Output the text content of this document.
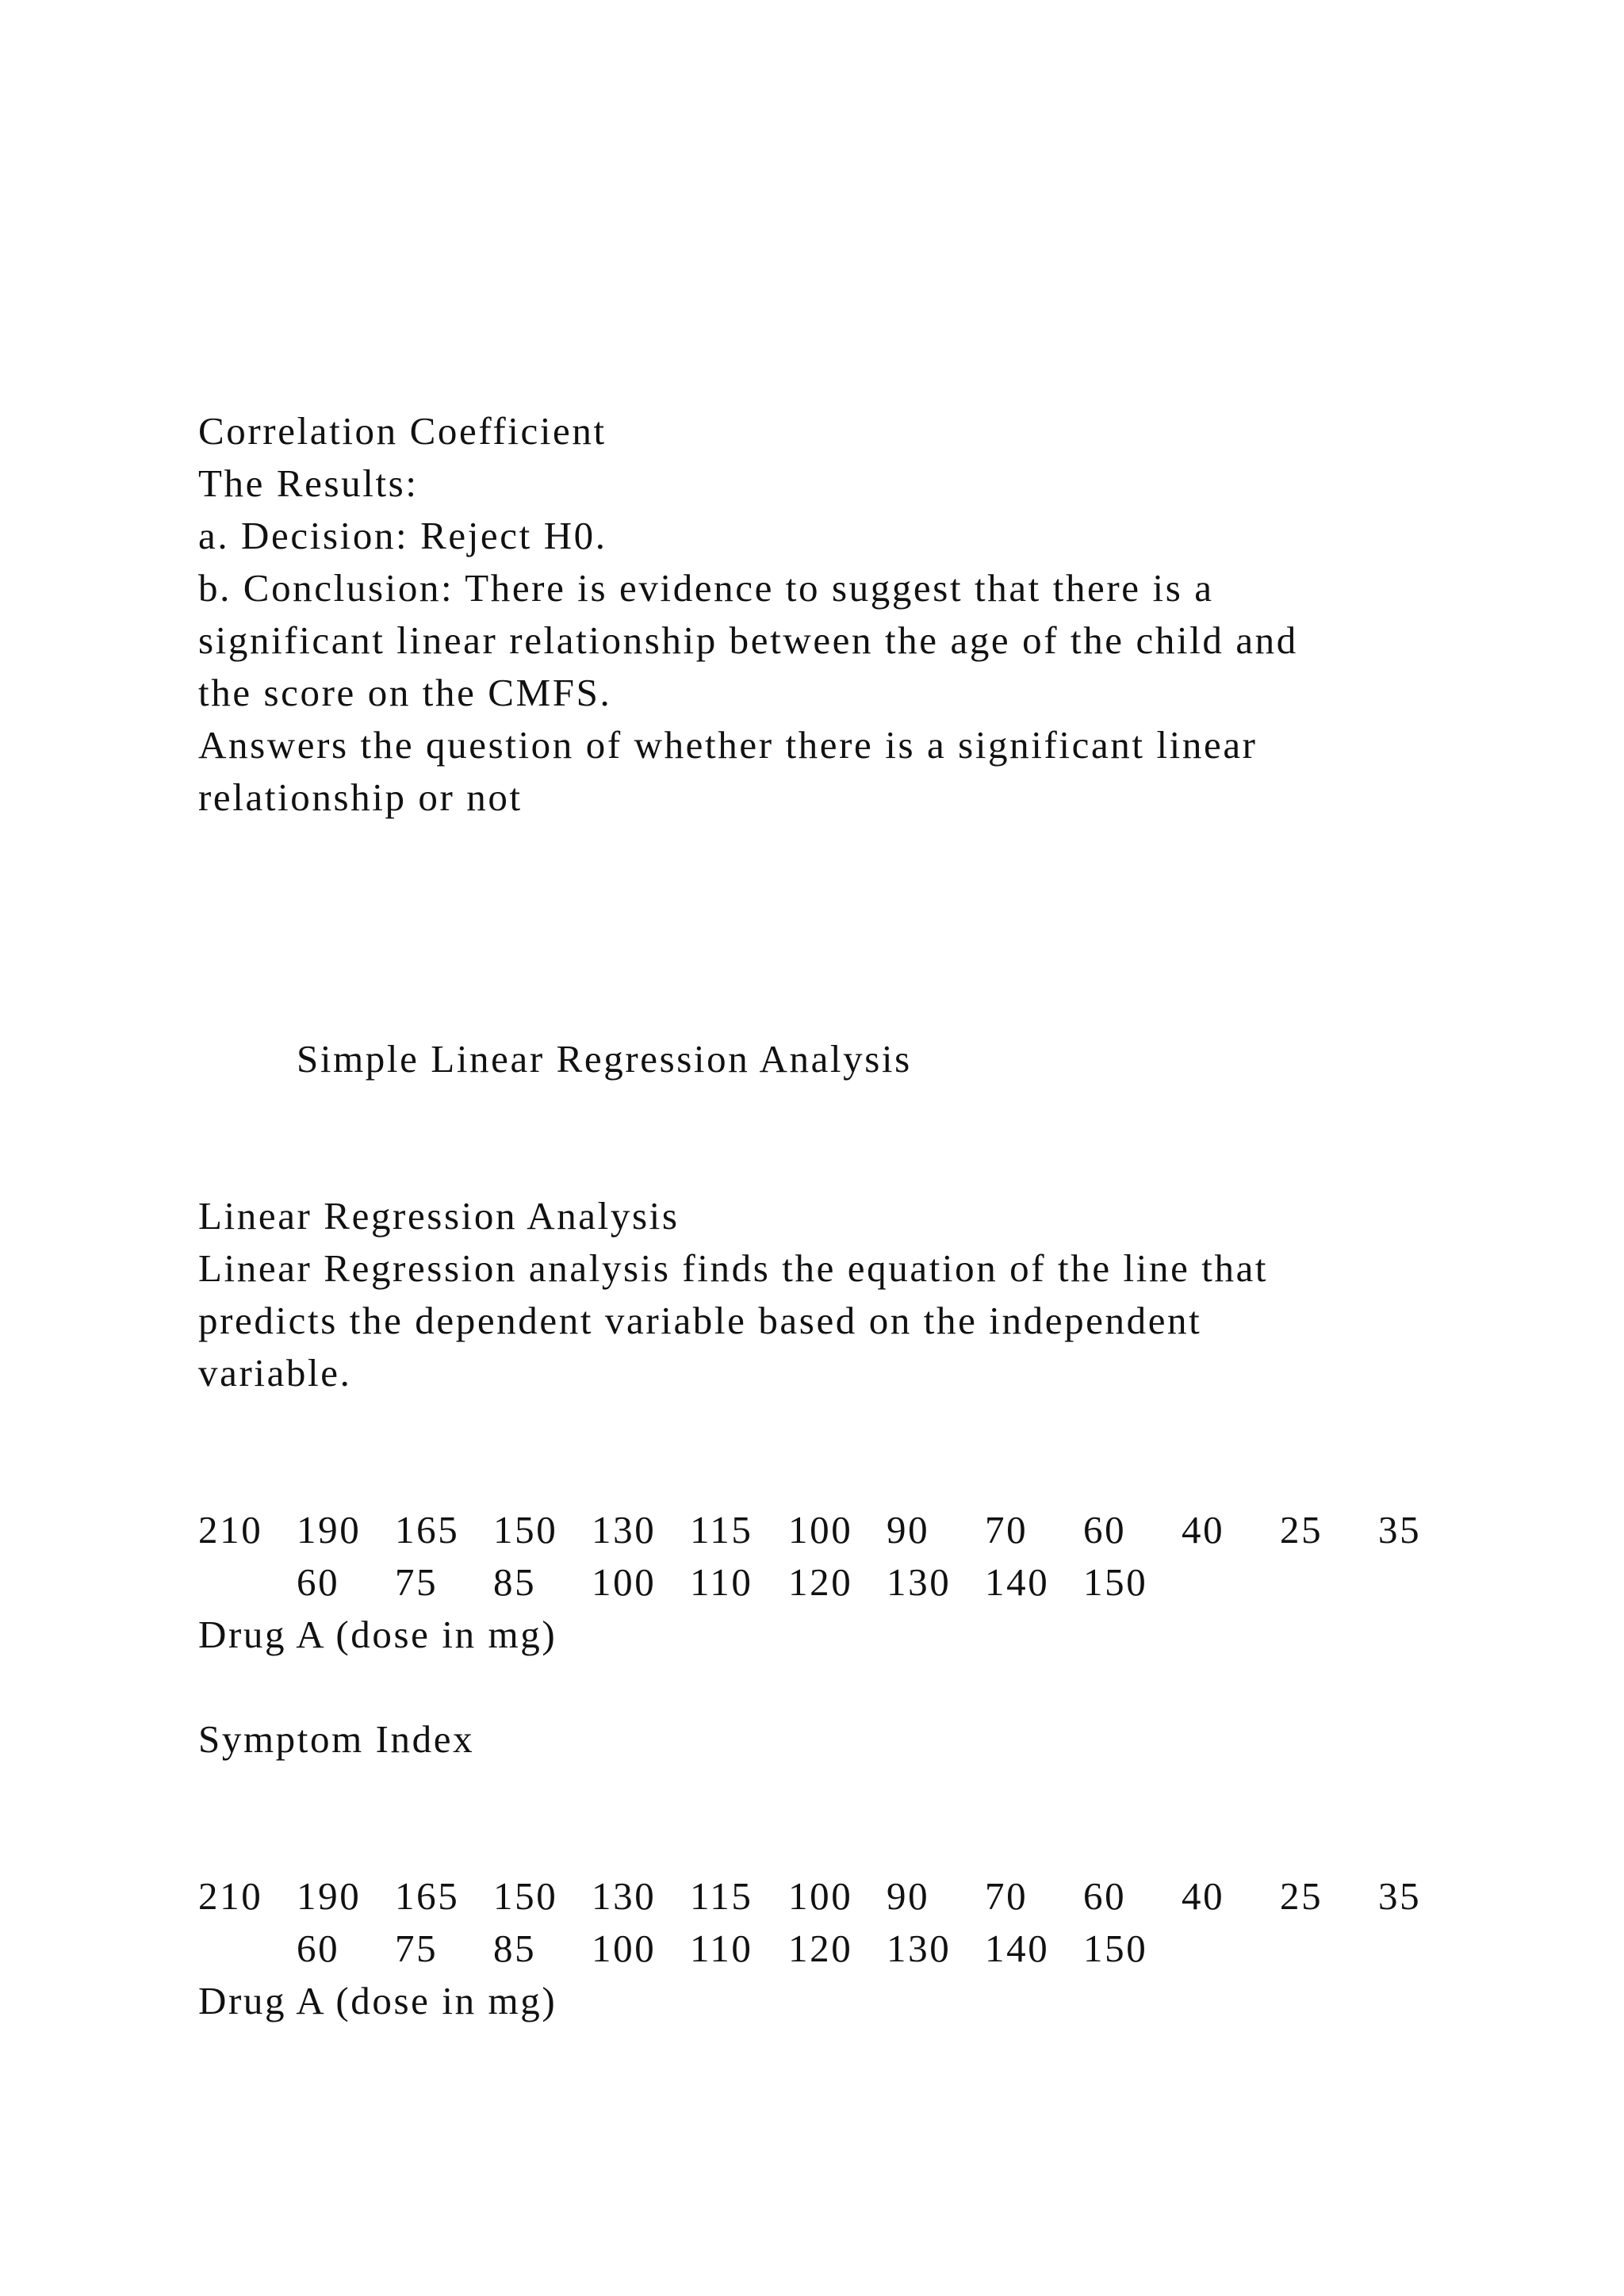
Correlation Coefficient
The Results:
a. Decision: Reject H0.
b. Conclusion: There is evidence to suggest that there is a
significant linear relationship between the age of the child and
the score on the CMFS.
Answers the question of whether there is a significant linear
relationship or not
Simple Linear Regression Analysis
Linear Regression Analysis
Linear Regression analysis finds the equation of the line that
predicts the dependent variable based on the independent
variable.
210 190 165 150 130 115 100 90 70 60 40 25 35
60 75 85 100 110 120 130 140 150
Drug A (dose in mg)
Symptom Index
210 190 165 150 130 115 100 90 70 60 40 25 35
60 75 85 100 110 120 130 140 150
Drug A (dose in mg)
